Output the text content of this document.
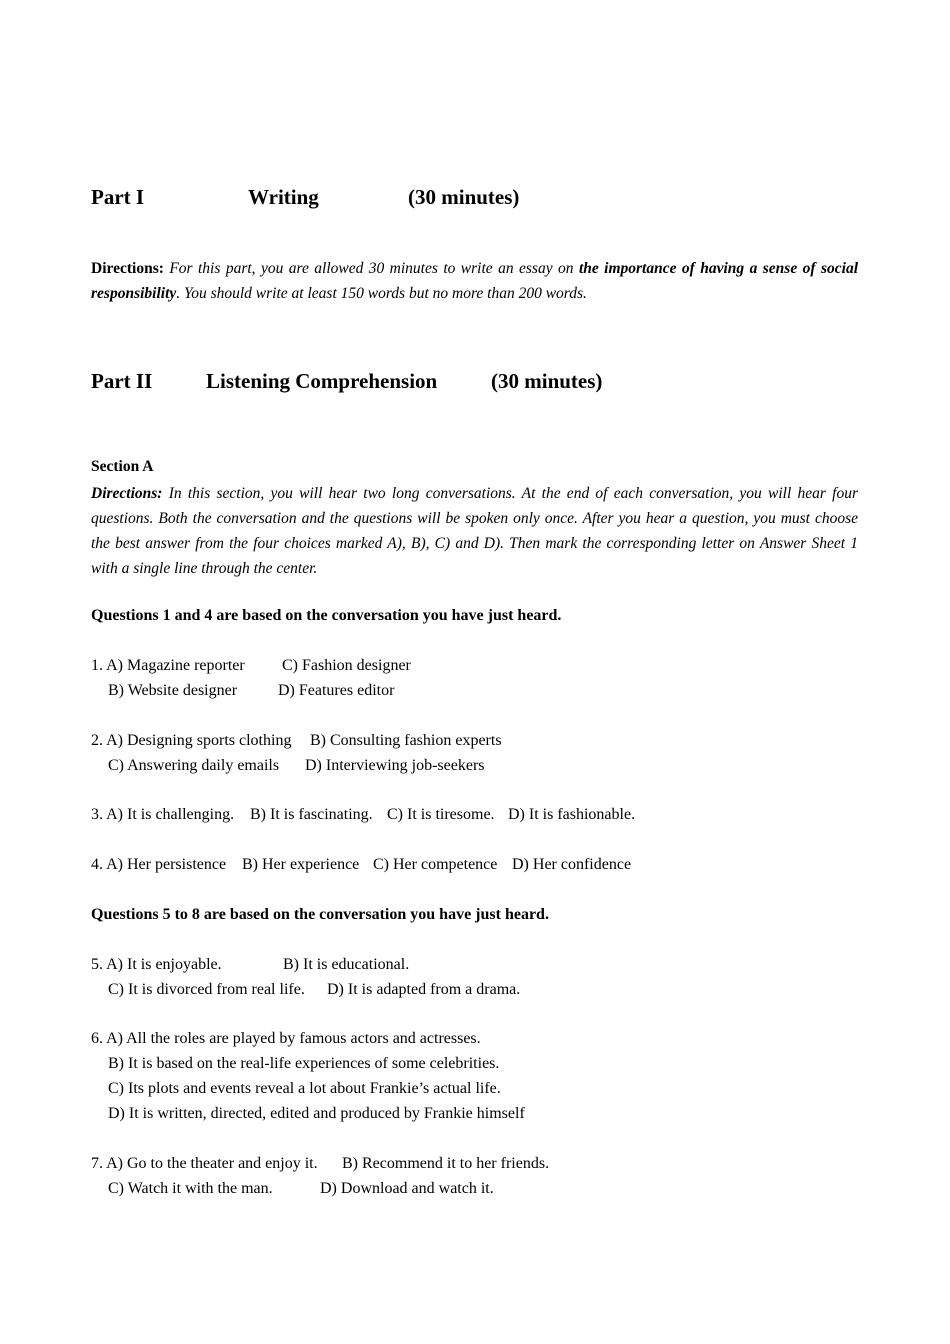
Part I	Writing	(30 minutes)
Directions: For this part, you are allowed 30 minutes to write an essay on the importance of having a sense of social responsibility. You should write at least 150 words but no more than 200 words.
Part II	Listening Comprehension	(30 minutes)
Section A
Directions: In this section, you will hear two long conversations. At the end of each conversation, you will hear four questions. Both the conversation and the questions will be spoken only once. After you hear a question, you must choose the best answer from the four choices marked A), B), C) and D). Then mark the corresponding letter on Answer Sheet 1 with a single line through the center.
Questions 1 and 4 are based on the conversation you have just heard.
1. A) Magazine reporter C) Fashion designer
B) Website designer	D) Features editor
2. A) Designing sports clothing B) Consulting fashion experts
C) Answering daily emails D) Interviewing job-seekers
3. A) It is challenging. B) It is fascinating. C) It is tiresome. D) It is fashionable.
4. A) Her persistence B) Her experience C) Her competence D) Her confidence
Questions 5 to 8 are based on the conversation you have just heard.
5. A) It is enjoyable.	B) It is educational.
C) It is divorced from real life. D) It is adapted from a drama.
6. A) All the roles are played by famous actors and actresses.
B) It is based on the real-life experiences of some celebrities.
C) Its plots and events reveal a lot about Frankie’s actual life.
D) It is written, directed, edited and produced by Frankie himself
7. A) Go to the theater and enjoy it. B) Recommend it to her friends.
C) Watch it with the man.	D) Download and watch it.
